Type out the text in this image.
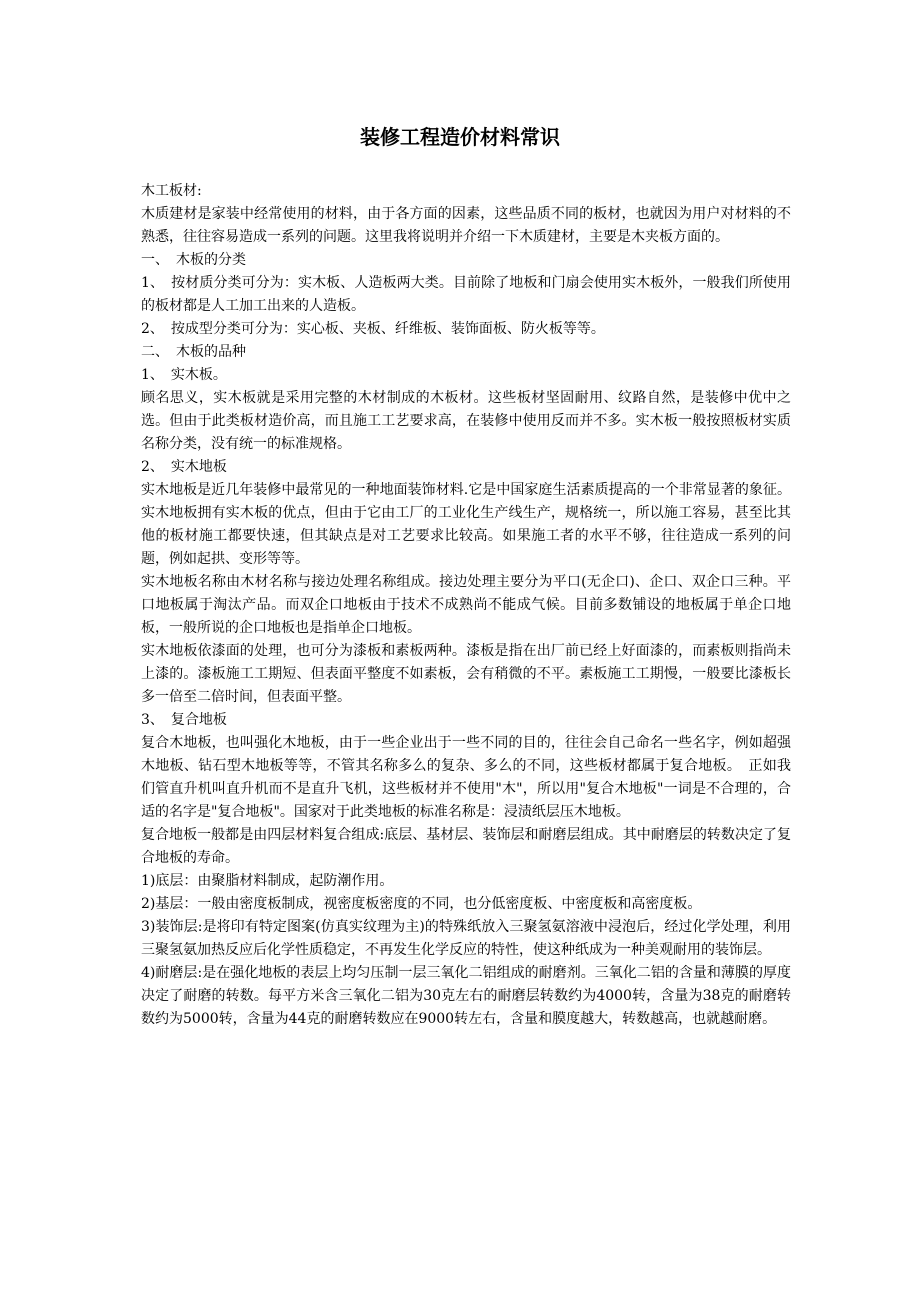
装修工程造价材料常识

木工板材:

木质建材是家装中经常使用的材料，由于各方面的因素，这些品质不同的板材，也就因为用户对材料的不熟悉，往往容易造成一系列的问题。这里我将说明并介绍一下木质建材，主要是木夹板方面的。

一、　木板的分类

1、　按材质分类可分为：实木板、人造板两大类。目前除了地板和门扇会使用实木板外，一般我们所使用的板材都是人工加工出来的人造板。

2、　按成型分类可分为：实心板、夹板、纤维板、装饰面板、防火板等等。

二、　木板的品种

1、　实木板。

顾名思义，实木板就是采用完整的木材制成的木板材。这些板材坚固耐用、纹路自然，是装修中优中之选。但由于此类板材造价高，而且施工工艺要求高，在装修中使用反而并不多。实木板一般按照板材实质名称分类，没有统一的标准规格。

2、　实木地板

实木地板是近几年装修中最常见的一种地面装饰材料.它是中国家庭生活素质提高的一个非常显著的象征。实木地板拥有实木板的优点，但由于它由工厂的工业化生产线生产，规格统一，所以施工容易，甚至比其他的板材施工都要快速，但其缺点是对工艺要求比较高。如果施工者的水平不够，往往造成一系列的问题，例如起拱、变形等等。

实木地板名称由木材名称与接边处理名称组成。接边处理主要分为平口(无企口)、企口、双企口三种。平口地板属于淘汰产品。而双企口地板由于技术不成熟尚不能成气候。目前多数铺设的地板属于单企口地板，一般所说的企口地板也是指单企口地板。

实木地板依漆面的处理，也可分为漆板和素板两种。漆板是指在出厂前已经上好面漆的，而素板则指尚未上漆的。漆板施工工期短、但表面平整度不如素板，会有稍微的不平。素板施工工期慢，一般要比漆板长多一倍至二倍时间，但表面平整。

3、　复合地板

复合木地板，也叫强化木地板，由于一些企业出于一些不同的目的，往往会自己命名一些名字，例如超强木地板、钻石型木地板等等，不管其名称多么的复杂、多么的不同，这些板材都属于复合地板。　正如我们管直升机叫直升机而不是直升飞机，这些板材并不使用"木"，所以用"复合木地板"一词是不合理的，合适的名字是"复合地板"。国家对于此类地板的标准名称是：浸渍纸层压木地板。

复合地板一般都是由四层材料复合组成:底层、基材层、装饰层和耐磨层组成。其中耐磨层的转数决定了复合地板的寿命。

1)底层：由聚脂材料制成，起防潮作用。

2)基层：一般由密度板制成，视密度板密度的不同，也分低密度板、中密度板和高密度板。

3)装饰层:是将印有特定图案(仿真实纹理为主)的特殊纸放入三聚氢氨溶液中浸泡后，经过化学处理，利用三聚氢氨加热反应后化学性质稳定，不再发生化学反应的特性，使这种纸成为一种美观耐用的装饰层。

4)耐磨层:是在强化地板的表层上均匀压制一层三氧化二铝组成的耐磨剂。三氧化二铝的含量和薄膜的厚度决定了耐磨的转数。每平方米含三氧化二铝为30克左右的耐磨层转数约为4000转，含量为38克的耐磨转数约为5000转，含量为44克的耐磨转数应在9000转左右，含量和膜度越大，转数越高，也就越耐磨。
